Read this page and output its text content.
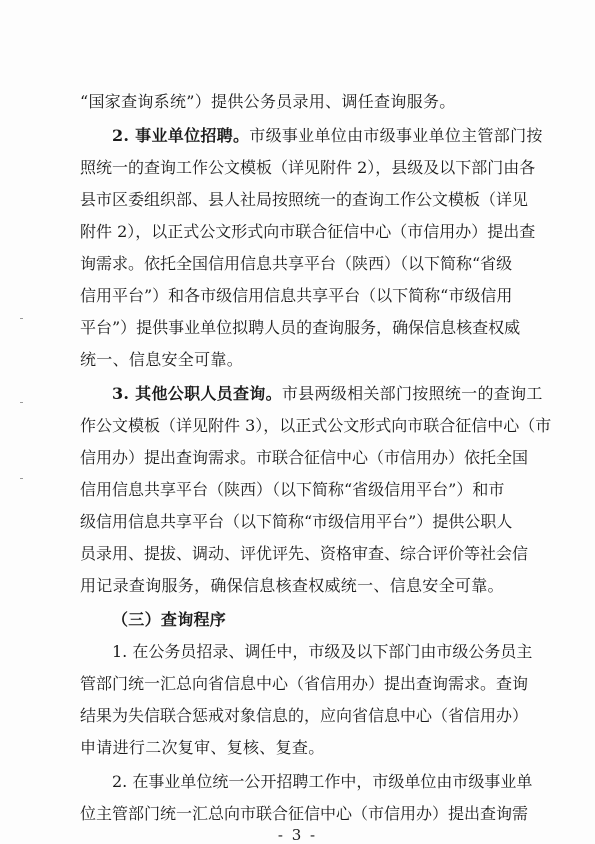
“国家查询系统”）提供公务员录用、调任查询服务。
2. 事业单位招聘。市级事业单位由市级事业单位主管部门按
照统一的查询工作公文模板（详见附件 2），县级及以下部门由各
县市区委组织部、县人社局按照统一的查询工作公文模板（详见
附件 2），以正式公文形式向市联合征信中心（市信用办）提出查
询需求。依托全国信用信息共享平台（陕西）（以下简称“省级
信用平台”）和各市级信用信息共享平台（以下简称“市级信用
平台”）提供事业单位拟聘人员的查询服务，确保信息核查权威
统一、信息安全可靠。
3. 其他公职人员查询。市县两级相关部门按照统一的查询工
作公文模板（详见附件 3），以正式公文形式向市联合征信中心（市
信用办）提出查询需求。市联合征信中心（市信用办）依托全国
信用信息共享平台（陕西）（以下简称“省级信用平台”）和市
级信用信息共享平台（以下简称“市级信用平台”）提供公职人
员录用、提拔、调动、评优评先、资格审查、综合评价等社会信
用记录查询服务，确保信息核查权威统一、信息安全可靠。
（三）查询程序
1. 在公务员招录、调任中，市级及以下部门由市级公务员主
管部门统一汇总向省信息中心（省信用办）提出查询需求。查询
结果为失信联合惩戒对象信息的，应向省信息中心（省信用办）
申请进行二次复审、复核、复查。
2. 在事业单位统一公开招聘工作中，市级单位由市级事业单
位主管部门统一汇总向市联合征信中心（市信用办）提出查询需
- 3 -
